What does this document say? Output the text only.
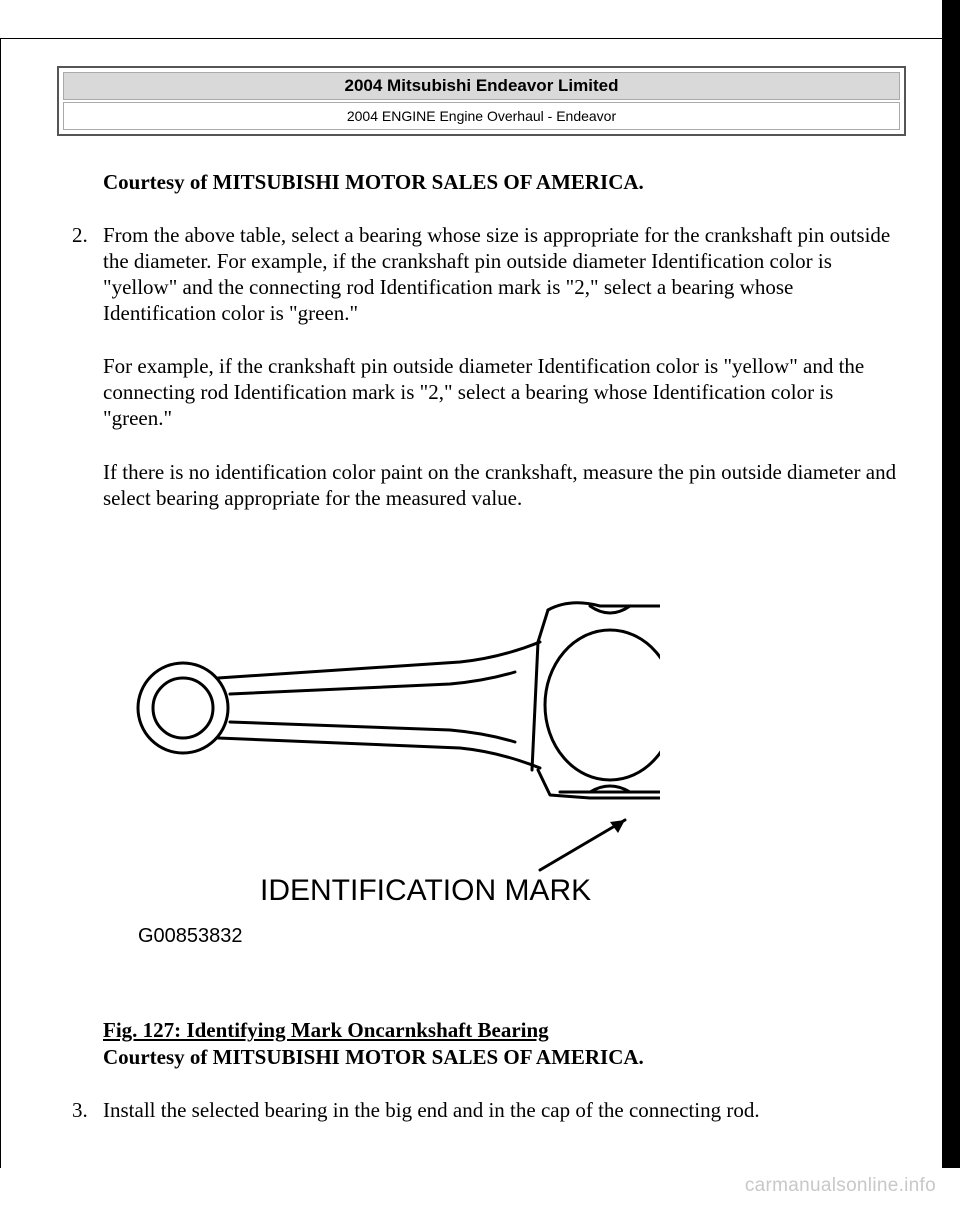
2004 Mitsubishi Endeavor Limited
2004 ENGINE Engine Overhaul - Endeavor
Courtesy of MITSUBISHI MOTOR SALES OF AMERICA.
2. From the above table, select a bearing whose size is appropriate for the crankshaft pin outside the diameter. For example, if the crankshaft pin outside diameter Identification color is "yellow" and the connecting rod Identification mark is "2," select a bearing whose Identification color is "green."
For example, if the crankshaft pin outside diameter Identification color is "yellow" and the connecting rod Identification mark is "2," select a bearing whose Identification color is "green."
If there is no identification color paint on the crankshaft, measure the pin outside diameter and select bearing appropriate for the measured value.
IDENTIFICATION MARK
G00853832
Fig. 127: Identifying Mark Oncarnkshaft Bearing
Courtesy of MITSUBISHI MOTOR SALES OF AMERICA.
3. Install the selected bearing in the big end and in the cap of the connecting rod.
carmanualsonline.info
